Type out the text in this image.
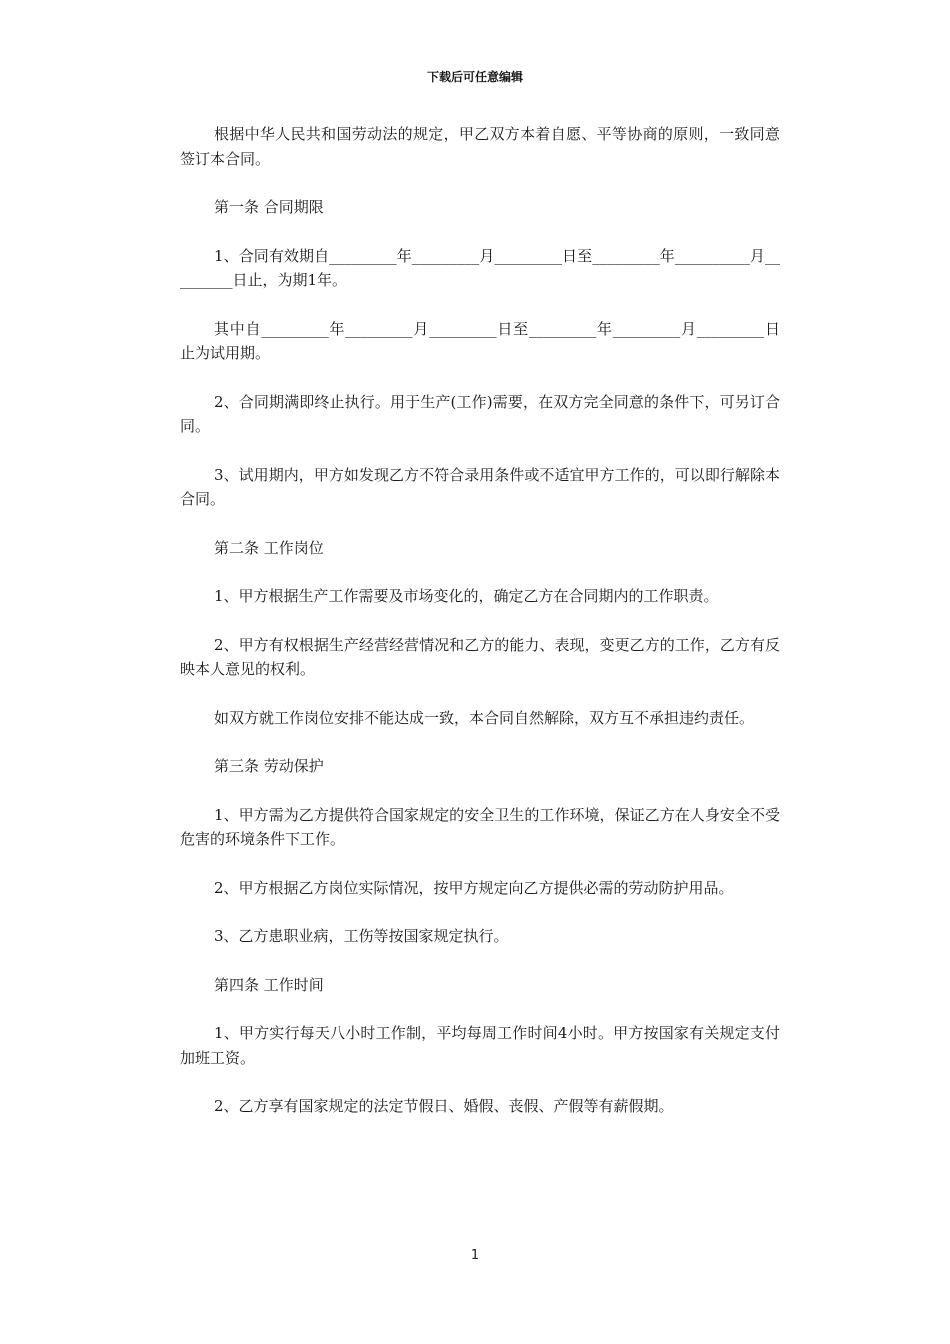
下载后可任意编辑

根据中华人民共和国劳动法的规定，甲乙双方本着自愿、平等协商的原则，一致同意签订本合同。

第一条 合同期限

1、合同有效期自_________年_________月_________日至_________年__________月_________日止，为期1年。

其中自_________年_________月_________日至_________年_________月_________日止为试用期。

2、合同期满即终止执行。用于生产(工作)需要，在双方完全同意的条件下，可另订合同。

3、试用期内，甲方如发现乙方不符合录用条件或不适宜甲方工作的，可以即行解除本合同。

第二条 工作岗位

1、甲方根据生产工作需要及市场变化的，确定乙方在合同期内的工作职责。

2、甲方有权根据生产经营经营情况和乙方的能力、表现，变更乙方的工作，乙方有反映本人意见的权利。

如双方就工作岗位安排不能达成一致，本合同自然解除，双方互不承担违约责任。

第三条 劳动保护

1、甲方需为乙方提供符合国家规定的安全卫生的工作环境，保证乙方在人身安全不受危害的环境条件下工作。

2、甲方根据乙方岗位实际情况，按甲方规定向乙方提供必需的劳动防护用品。

3、乙方患职业病，工伤等按国家规定执行。

第四条 工作时间

1、甲方实行每天八小时工作制，平均每周工作时间4小时。甲方按国家有关规定支付加班工资。

2、乙方享有国家规定的法定节假日、婚假、丧假、产假等有薪假期。

1
